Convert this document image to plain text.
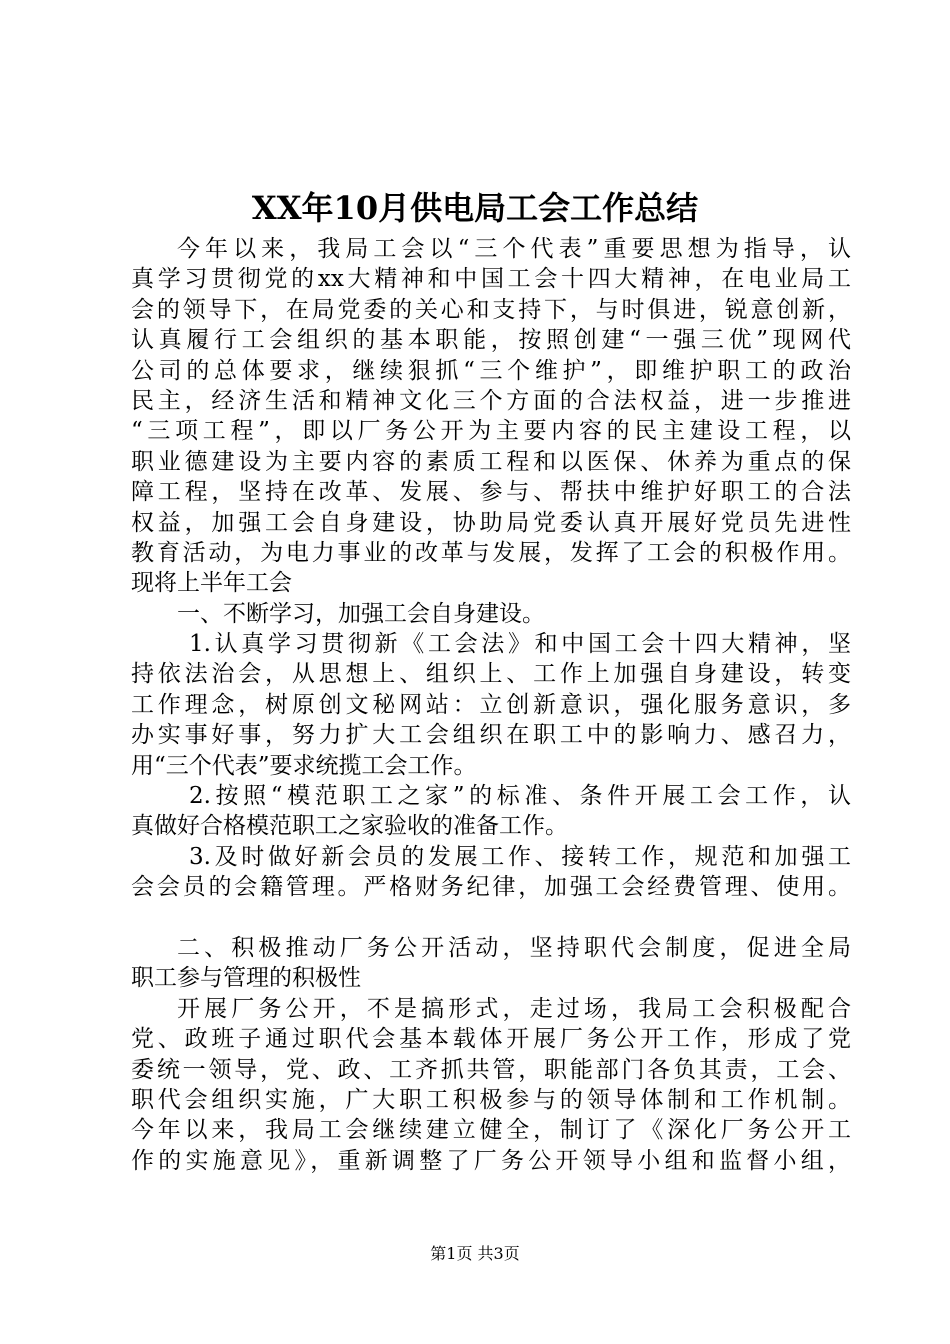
XX年10月供电局工会工作总结
今年以来，我局工会以“三个代表”重要思想为指导，认
真学习贯彻党的xx大精神和中国工会十四大精神，在电业局工
会的领导下，在局党委的关心和支持下，与时俱进，锐意创新，
认真履行工会组织的基本职能，按照创建“一强三优”现网代
公司的总体要求，继续狠抓“三个维护”，即维护职工的政治
民主，经济生活和精神文化三个方面的合法权益，进一步推进
“三项工程”，即以厂务公开为主要内容的民主建设工程，以
职业德建设为主要内容的素质工程和以医保、休养为重点的保
障工程，坚持在改革、发展、参与、帮扶中维护好职工的合法
权益，加强工会自身建设，协助局党委认真开展好党员先进性
教育活动，为电力事业的改革与发展，发挥了工会的积极作用。
现将上半年工会
一、不断学习，加强工会自身建设。
1.认真学习贯彻新《工会法》和中国工会十四大精神，坚
持依法治会，从思想上、组织上、工作上加强自身建设，转变
工作理念，树原创文秘网站：立创新意识，强化服务意识，多
办实事好事，努力扩大工会组织在职工中的影响力、感召力，
用“三个代表”要求统揽工会工作。
2.按照“模范职工之家”的标准、条件开展工会工作，认
真做好合格模范职工之家验收的准备工作。
3.及时做好新会员的发展工作、接转工作，规范和加强工
会会员的会籍管理。严格财务纪律，加强工会经费管理、使用。
二、积极推动厂务公开活动，坚持职代会制度，促进全局
职工参与管理的积极性
开展厂务公开，不是搞形式，走过场，我局工会积极配合
党、政班子通过职代会基本载体开展厂务公开工作，形成了党
委统一领导，党、政、工齐抓共管，职能部门各负其责，工会、
职代会组织实施，广大职工积极参与的领导体制和工作机制。
今年以来，我局工会继续建立健全，制订了《深化厂务公开工
作的实施意见》，重新调整了厂务公开领导小组和监督小组，
第1页 共3页
